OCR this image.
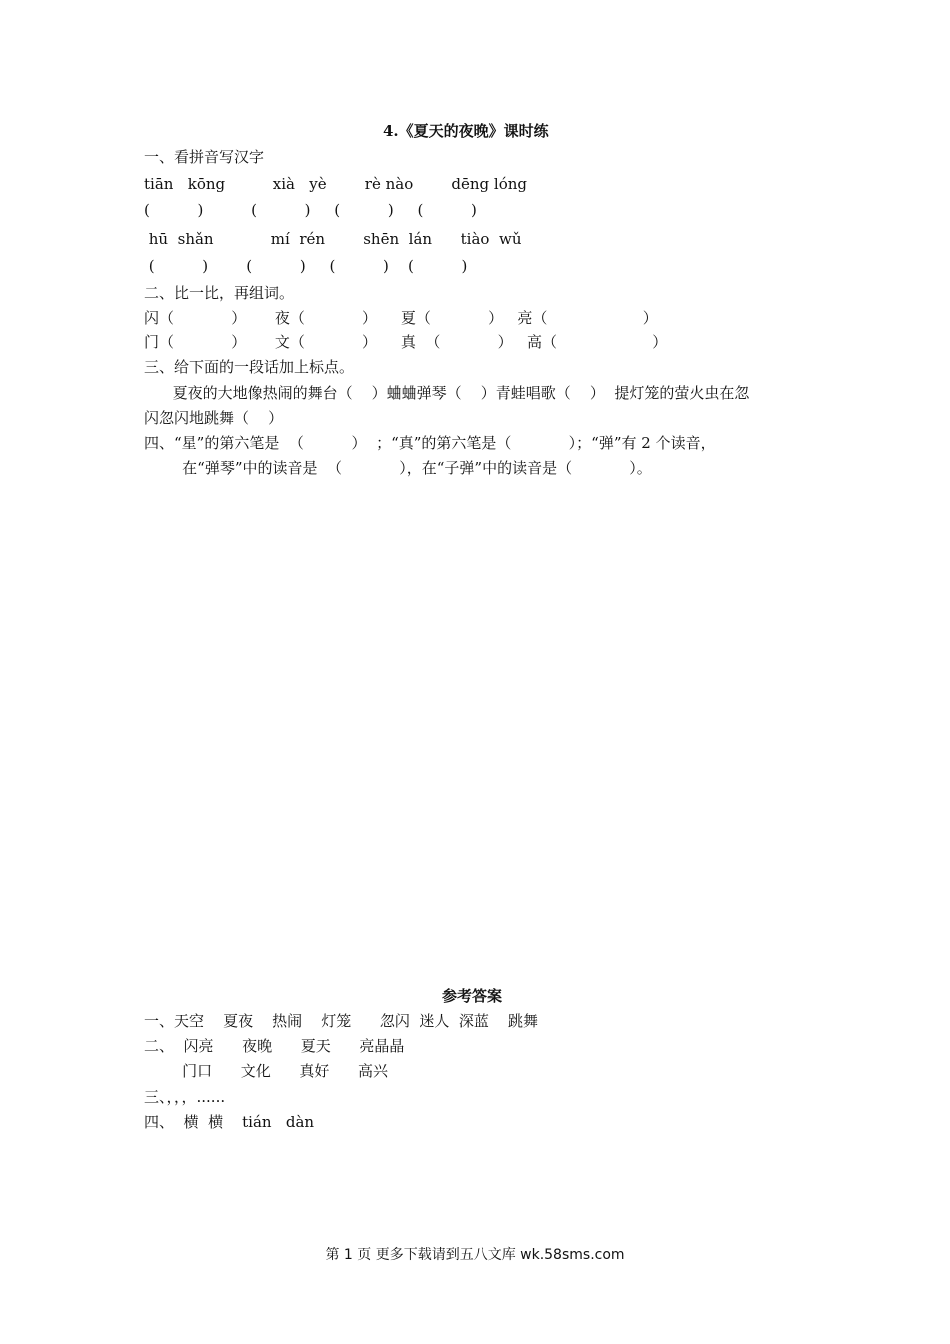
4.《夏天的夜晚》课时练
一、看拼音写汉字
tiān   kōng          xià   yè        rè nào        dēng lóng
(          )          (          )     (          )     (          )
hū  shǎn            mí  rén        shēn  lán      tiào  wǔ
(          )        (          )     (          )    (          )
二、比一比，再组词。
闪（            ）      夜（            ）     夏（            ）   亮（                    ）
门（            ）      文（            ）     真  （            ）   高（                    ）
三、给下面的一段话加上标点。
夏夜的大地像热闹的舞台（    ）蛐蛐弹琴（    ）青蛙唱歌（    ）  提灯笼的萤火虫在忽
闪忽闪地跳舞（    ）
四、“星”的第六笔是  （          ）  ；“真”的第六笔是（            ）；“弹”有 2 个读音，
在“弹琴”中的读音是  （            ），在“子弹”中的读音是（            ）。
参考答案
一、天空    夏夜    热闹    灯笼      忽闪  迷人  深蓝    跳舞
二、  闪亮      夜晚      夏天      亮晶晶
门口      文化      真好      高兴
三、，，，......
四、  横  横    tián   dàn
第 1 页 更多下载请到五八文库 wk.58sms.com
